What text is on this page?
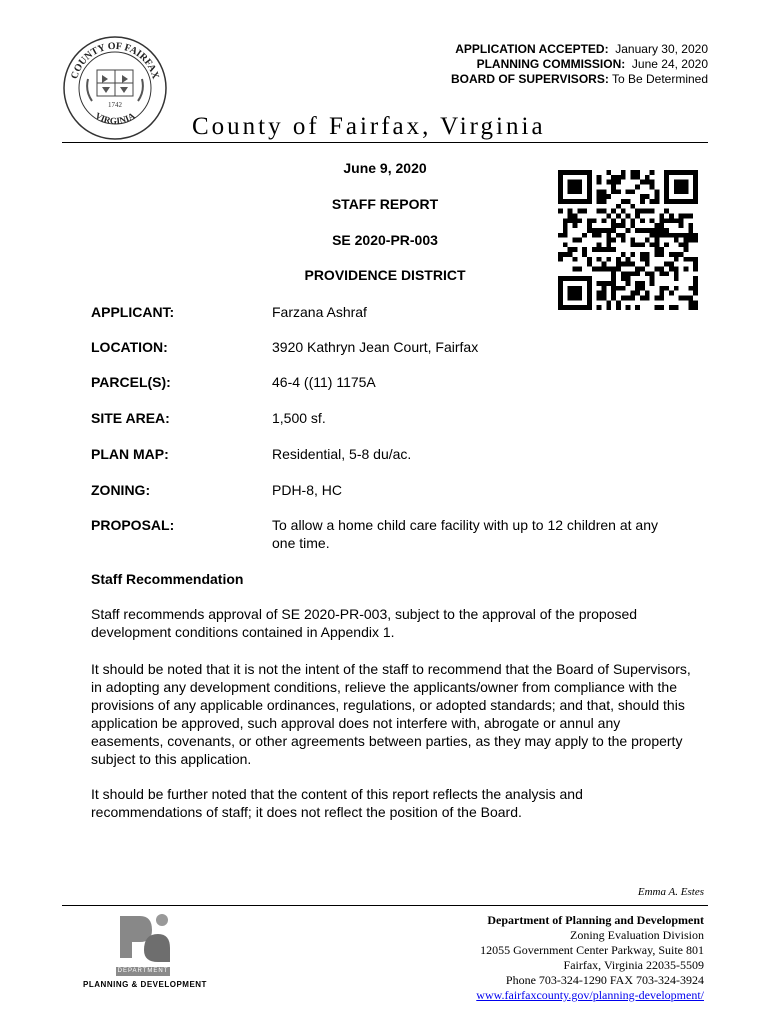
COUNTY OF FAIRFAX
VIRGINIA
1742
APPLICATION ACCEPTED: January 30, 2020
PLANNING COMMISSION: June 24, 2020
BOARD OF SUPERVISORS: To Be Determined
County of Fairfax, Virginia
June 9, 2020
STAFF REPORT
SE 2020-PR-003
PROVIDENCE DISTRICT
APPLICANT:	Farzana Ashraf
LOCATION:	3920 Kathryn Jean Court, Fairfax
PARCEL(S):	46-4 ((11) 1175A
SITE AREA:	1,500 sf.
PLAN MAP:	Residential, 5-8 du/ac.
ZONING:	PDH-8, HC
PROPOSAL:	To allow a home child care facility with up to 12 children at any one time.
Staff Recommendation
Staff recommends approval of SE 2020-PR-003, subject to the approval of the proposed development conditions contained in Appendix 1.
It should be noted that it is not the intent of the staff to recommend that the Board of Supervisors, in adopting any development conditions, relieve the applicants/owner from compliance with the provisions of any applicable ordinances, regulations, or adopted standards; and that, should this application be approved, such approval does not interfere with, abrogate or annul any easements, covenants, or other agreements between parties, as they may apply to the property subject to this application.
It should be further noted that the content of this report reflects the analysis and recommendations of staff; it does not reflect the position of the Board.
Emma A. Estes
DEPARTMENT
PLANNING & DEVELOPMENT
Department of Planning and Development
Zoning Evaluation Division
12055 Government Center Parkway, Suite 801
Fairfax, Virginia 22035-5509
Phone 703-324-1290 FAX 703-324-3924
www.fairfaxcounty.gov/planning-development/
